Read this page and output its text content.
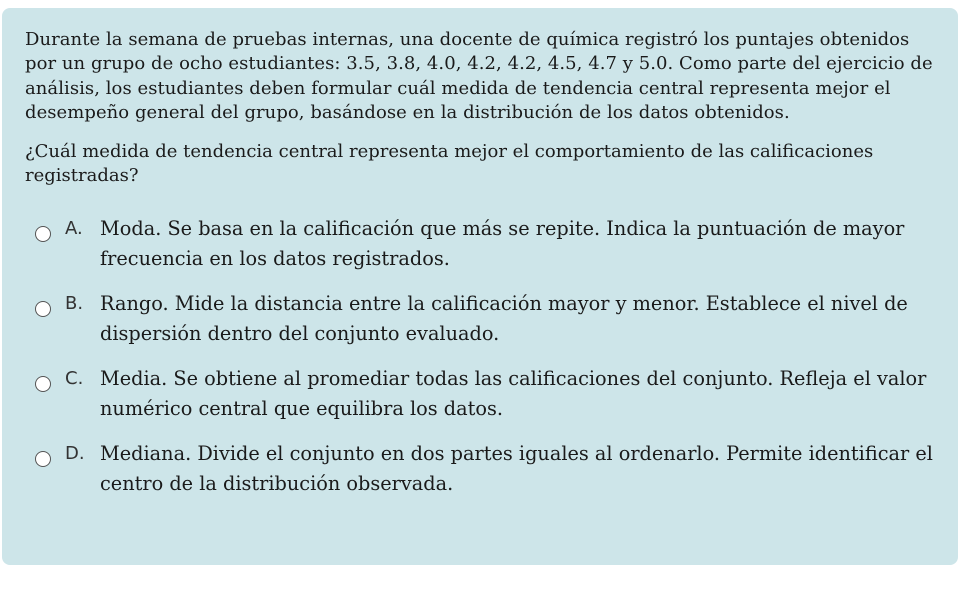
Durante la semana de pruebas internas, una docente de química registró los puntajes obtenidos por un grupo de ocho estudiantes: 3.5, 3.8, 4.0, 4.2, 4.2, 4.5, 4.7 y 5.0. Como parte del ejercicio de análisis, los estudiantes deben formular cuál medida de tendencia central representa mejor el desempeño general del grupo, basándose en la distribución de los datos obtenidos.

¿Cuál medida de tendencia central representa mejor el comportamiento de las calificaciones registradas?

A. Moda. Se basa en la calificación que más se repite. Indica la puntuación de mayor frecuencia en los datos registrados.
B. Rango. Mide la distancia entre la calificación mayor y menor. Establece el nivel de dispersión dentro del conjunto evaluado.
C. Media. Se obtiene al promediar todas las calificaciones del conjunto. Refleja el valor numérico central que equilibra los datos.
D. Mediana. Divide el conjunto en dos partes iguales al ordenarlo. Permite identificar el centro de la distribución observada.
